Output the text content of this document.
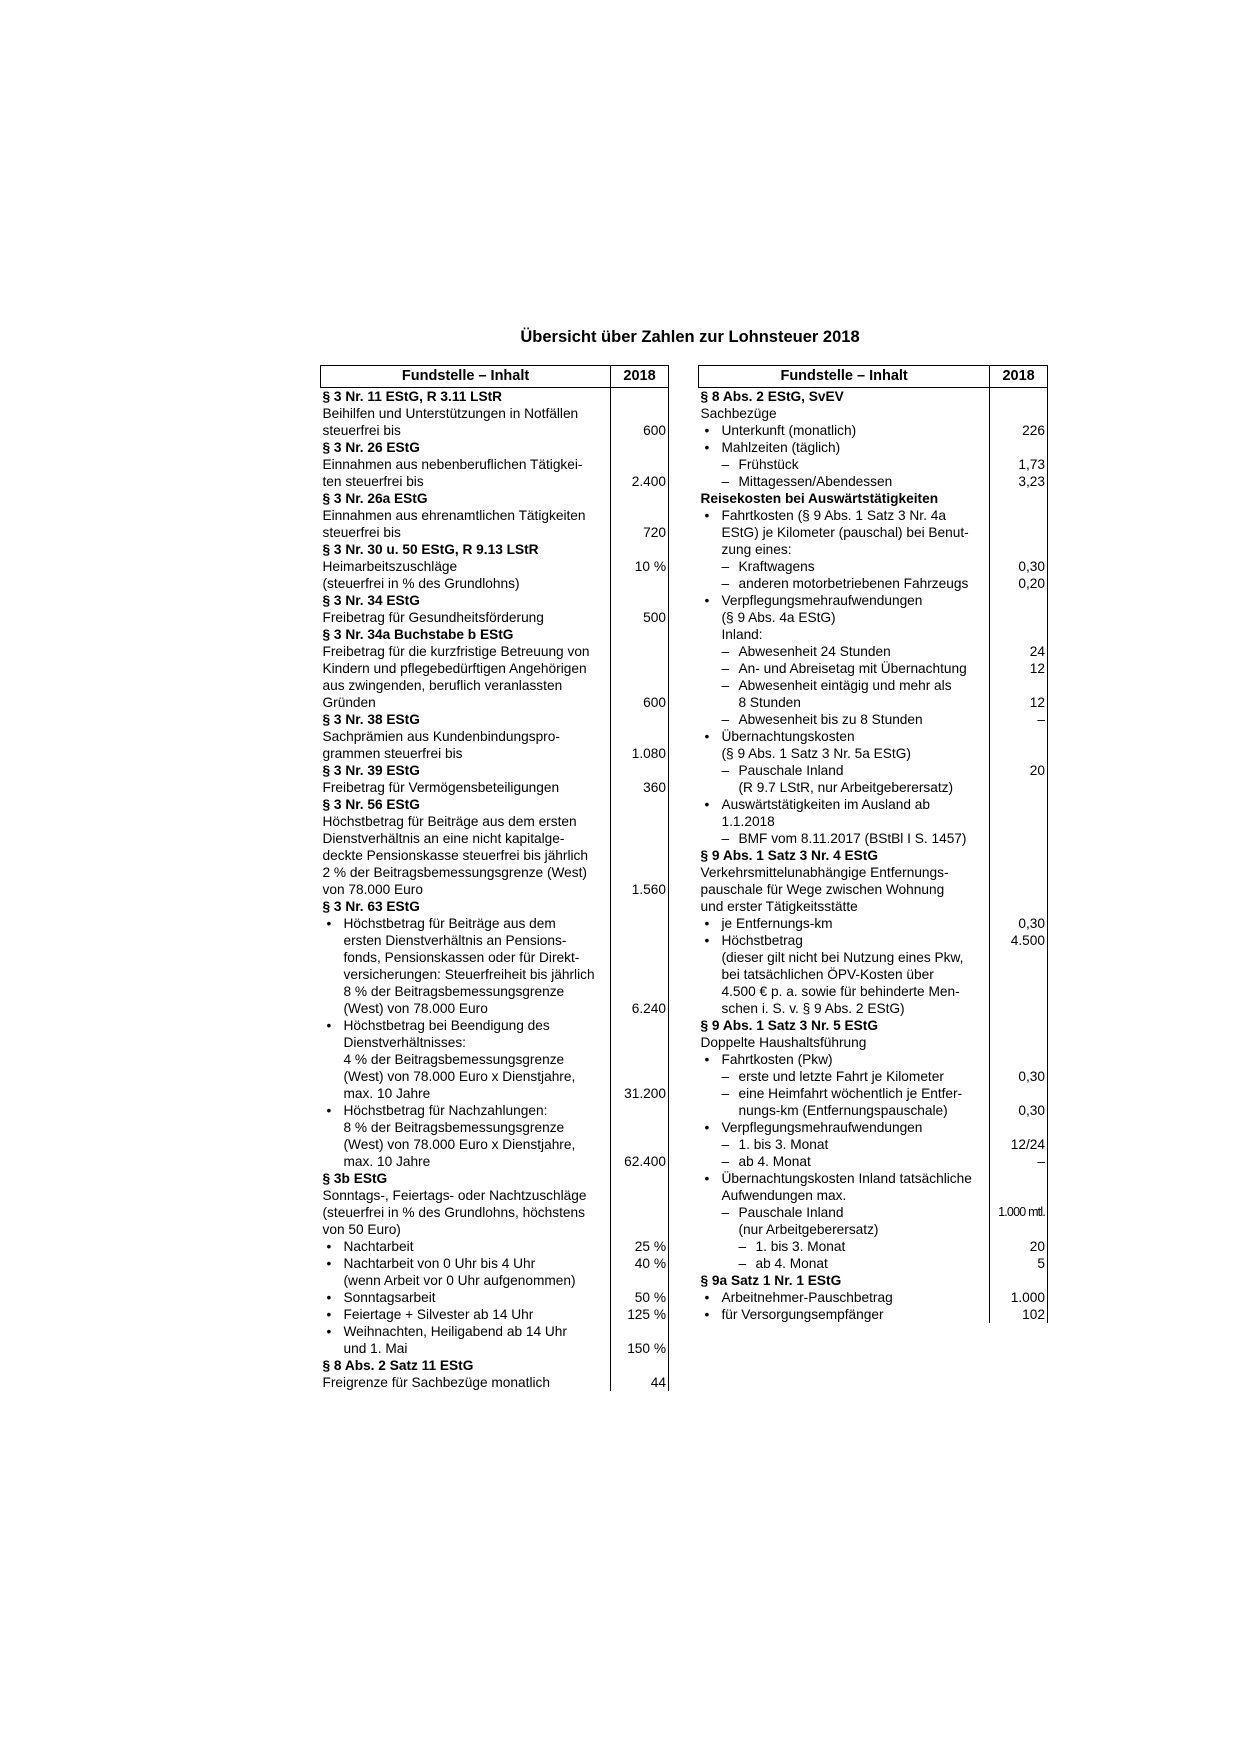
Übersicht über Zahlen zur Lohnsteuer 2018
Fundstelle – Inhalt	2018

§ 3 Nr. 11 EStG, R 3.11 LStR	

Beihilfen und Unterstützungen in Notfällen	

steuerfrei bis	600

§ 3 Nr. 26 EStG	

Einnahmen aus nebenberuflichen Tätigkei-	

ten steuerfrei bis	2.400

§ 3 Nr. 26a EStG	

Einnahmen aus ehrenamtlichen Tätigkeiten	

steuerfrei bis	720

§ 3 Nr. 30 u. 50 EStG, R 9.13 LStR	

Heimarbeitszuschläge	10 %

(steuerfrei in % des Grundlohns)	

§ 3 Nr. 34 EStG	

Freibetrag für Gesundheitsförderung	500

§ 3 Nr. 34a Buchstabe b EStG	

Freibetrag für die kurzfristige Betreuung von	

Kindern und pflegebedürftigen Angehörigen	

aus zwingenden, beruflich veranlassten	

Gründen	600

§ 3 Nr. 38 EStG	

Sachprämien aus Kundenbindungspro-	

grammen steuerfrei bis	1.080

§ 3 Nr. 39 EStG	

Freibetrag für Vermögensbeteiligungen	360

§ 3 Nr. 56 EStG	

Höchstbetrag für Beiträge aus dem ersten	

Dienstverhältnis an eine nicht kapitalge-	

deckte Pensionskasse steuerfrei bis jährlich	

2 % der Beitragsbemessungsgrenze (West)	

von 78.000 Euro	1.560

§ 3 Nr. 63 EStG	

• Höchstbetrag für Beiträge aus dem

ersten Dienstverhältnis an Pensions-	

fonds, Pensionskassen oder für Direkt-	

versicherungen: Steuerfreiheit bis jährlich	

8 % der Beitragsbemessungsgrenze	

(West) von 78.000 Euro	6.240

• Höchstbetrag bei Beendigung des

Dienstverhältnisses:	

4 % der Beitragsbemessungsgrenze	

(West) von 78.000 Euro x Dienstjahre,	

max. 10 Jahre	31.200

• Höchstbetrag für Nachzahlungen:

8 % der Beitragsbemessungsgrenze	

(West) von 78.000 Euro x Dienstjahre,	

max. 10 Jahre	62.400

§ 3b EStG	

Sonntags-, Feiertags- oder Nachtzuschläge	

(steuerfrei in % des Grundlohns, höchstens	

von 50 Euro)	

• Nachtarbeit	25 %

• Nachtarbeit von 0 Uhr bis 4 Uhr	40 %

(wenn Arbeit vor 0 Uhr aufgenommen)	

• Sonntagsarbeit	50 %

• Feiertage + Silvester ab 14 Uhr	125 %

• Weihnachten, Heiligabend ab 14 Uhr

und 1. Mai	150 %

§ 8 Abs. 2 Satz 11 EStG	

Freigrenze für Sachbezüge monatlich	44
Fundstelle – Inhalt	2018

§ 8 Abs. 2 EStG, SvEV	

Sachbezüge	

• Unterkunft (monatlich)	226

• Mahlzeiten (täglich)

– Frühstück	1,73

– Mittagessen/Abendessen	3,23

Reisekosten bei Auswärtstätigkeiten	

• Fahrtkosten (§ 9 Abs. 1 Satz 3 Nr. 4a

EStG) je Kilometer (pauschal) bei Benut-	

zung eines:	

– Kraftwagens	0,30

– anderen motorbetriebenen Fahrzeugs	0,20

• Verpflegungsmehraufwendungen

(§ 9 Abs. 4a EStG)	

Inland:	

– Abwesenheit 24 Stunden	24

– An- und Abreisetag mit Übernachtung	12

– Abwesenheit eintägig und mehr als

8 Stunden	12

– Abwesenheit bis zu 8 Stunden	–

• Übernachtungskosten

(§ 9 Abs. 1 Satz 3 Nr. 5a EStG)	

– Pauschale Inland	20

(R 9.7 LStR, nur Arbeitgeberersatz)	

• Auswärtstätigkeiten im Ausland ab

1.1.2018	

– BMF vom 8.11.2017 (BStBl I S. 1457)

§ 9 Abs. 1 Satz 3 Nr. 4 EStG	

Verkehrsmittelunabhängige Entfernungs-	

pauschale für Wege zwischen Wohnung	

und erster Tätigkeitsstätte	

• je Entfernungs-km	0,30

• Höchstbetrag	4.500

(dieser gilt nicht bei Nutzung eines Pkw,	

bei tatsächlichen ÖPV-Kosten über	

4.500 € p. a. sowie für behinderte Men-	

schen i. S. v. § 9 Abs. 2 EStG)	

§ 9 Abs. 1 Satz 3 Nr. 5 EStG	

Doppelte Haushaltsführung	

• Fahrtkosten (Pkw)

– erste und letzte Fahrt je Kilometer	0,30

– eine Heimfahrt wöchentlich je Entfer-

nungs-km (Entfernungspauschale)	0,30

• Verpflegungsmehraufwendungen

– 1. bis 3. Monat	12/24

– ab 4. Monat	–

• Übernachtungskosten Inland tatsächliche

Aufwendungen max.	

– Pauschale Inland	1.000 mtl.

(nur Arbeitgeberersatz)	

– 1. bis 3. Monat	20

– ab 4. Monat	5

§ 9a Satz 1 Nr. 1 EStG	

• Arbeitnehmer-Pauschbetrag	1.000

• für Versorgungsempfänger	102
